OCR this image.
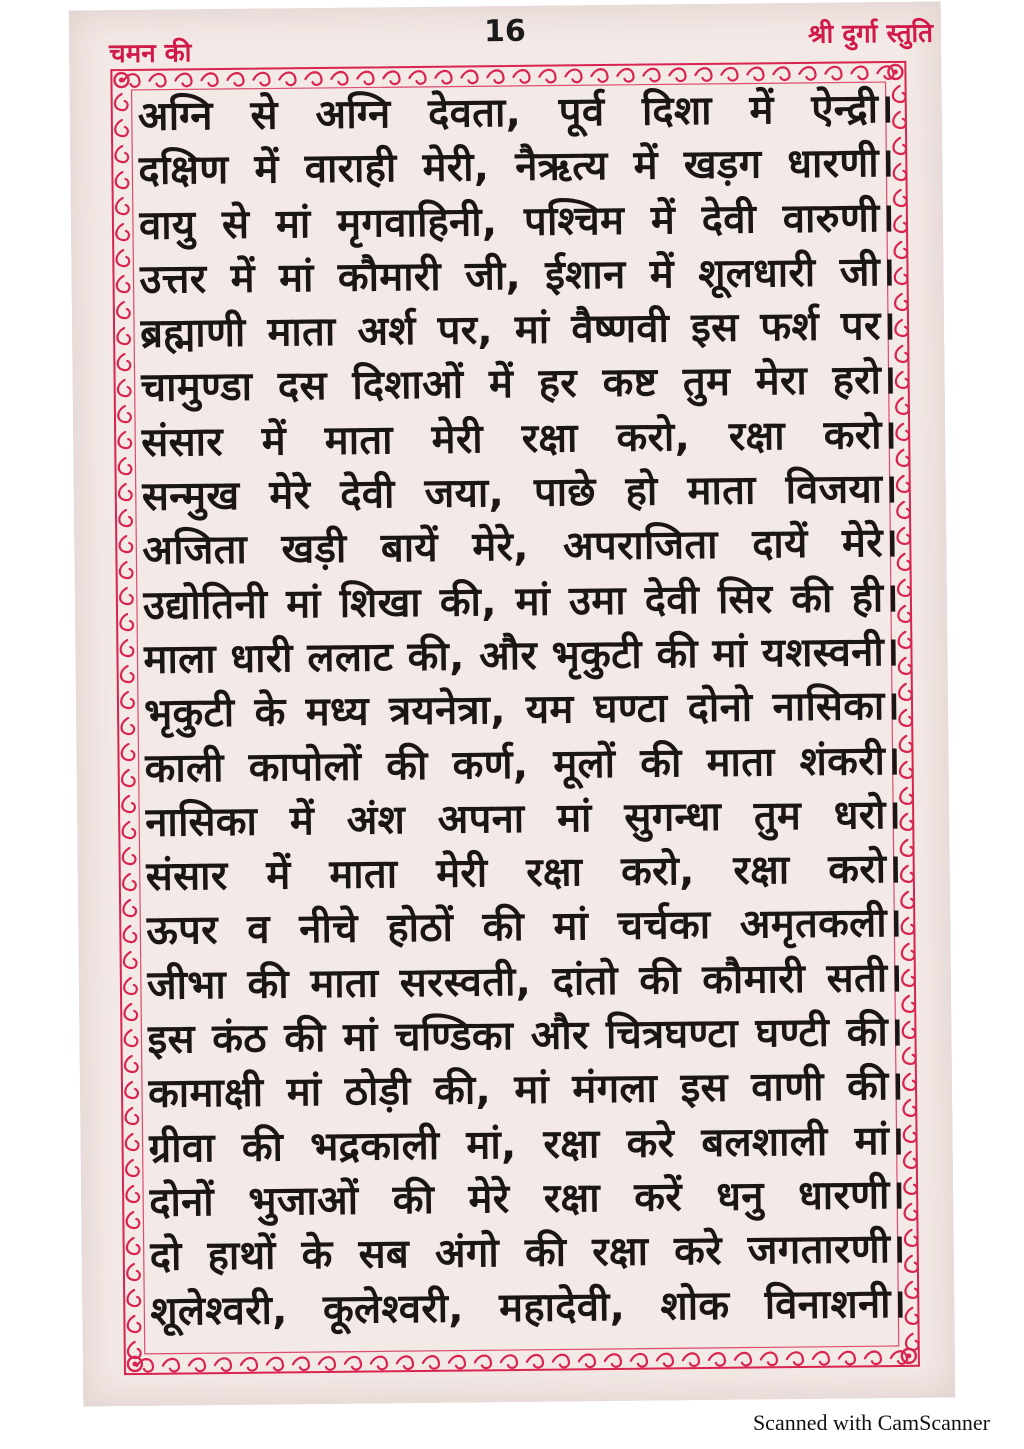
चमन की
16	श्री दुर्गा स्तुति
अग्नि से अग्नि देवता, पूर्व दिशा में ऐन्द्री।
दक्षिण में वाराही मेरी, नैऋत्य में खड़ग धारणी।
वायु से मां मृगवाहिनी, पश्चिम में देवी वारुणी।
उत्तर में मां कौमारी जी, ईशान में शूलधारी जी।
ब्रह्माणी माता अर्श पर, मां वैष्णवी इस फर्श पर।
चामुण्डा दस दिशाओं में हर कष्ट तुम मेरा हरो।
संसार में माता मेरी रक्षा करो, रक्षा करो।
सन्मुख मेरे देवी जया, पाछे हो माता विजया।
अजिता खड़ी बायें मेरे, अपराजिता दायें मेरे।
उद्योतिनी मां शिखा की, मां उमा देवी सिर की ही।
माला धारी ललाट की, और भृकुटी की मां यशस्वनी।
भृकुटी के मध्य त्रयनेत्रा, यम घण्टा दोनो नासिका।
काली कापोलों की कर्ण, मूलों की माता शंकरी।
नासिका में अंश अपना मां सुगन्धा तुम धरो।
संसार में माता मेरी रक्षा करो, रक्षा करो।
ऊपर व नीचे होठों की मां चर्चका अमृतकली।
जीभा की माता सरस्वती, दांतो की कौमारी सती।
इस कंठ की मां चण्डिका और चित्रघण्टा घण्टी की।
कामाक्षी मां ठोड़ी की, मां मंगला इस वाणी की।
ग्रीवा की भद्रकाली मां, रक्षा करे बलशाली मां।
दोनों भुजाओं की मेरे रक्षा करें धनु धारणी।
दो हाथों के सब अंगो की रक्षा करे जगतारणी।
शूलेश्वरी, कूलेश्वरी, महादेवी, शोक विनाशनी।
Scanned with CamScanner
